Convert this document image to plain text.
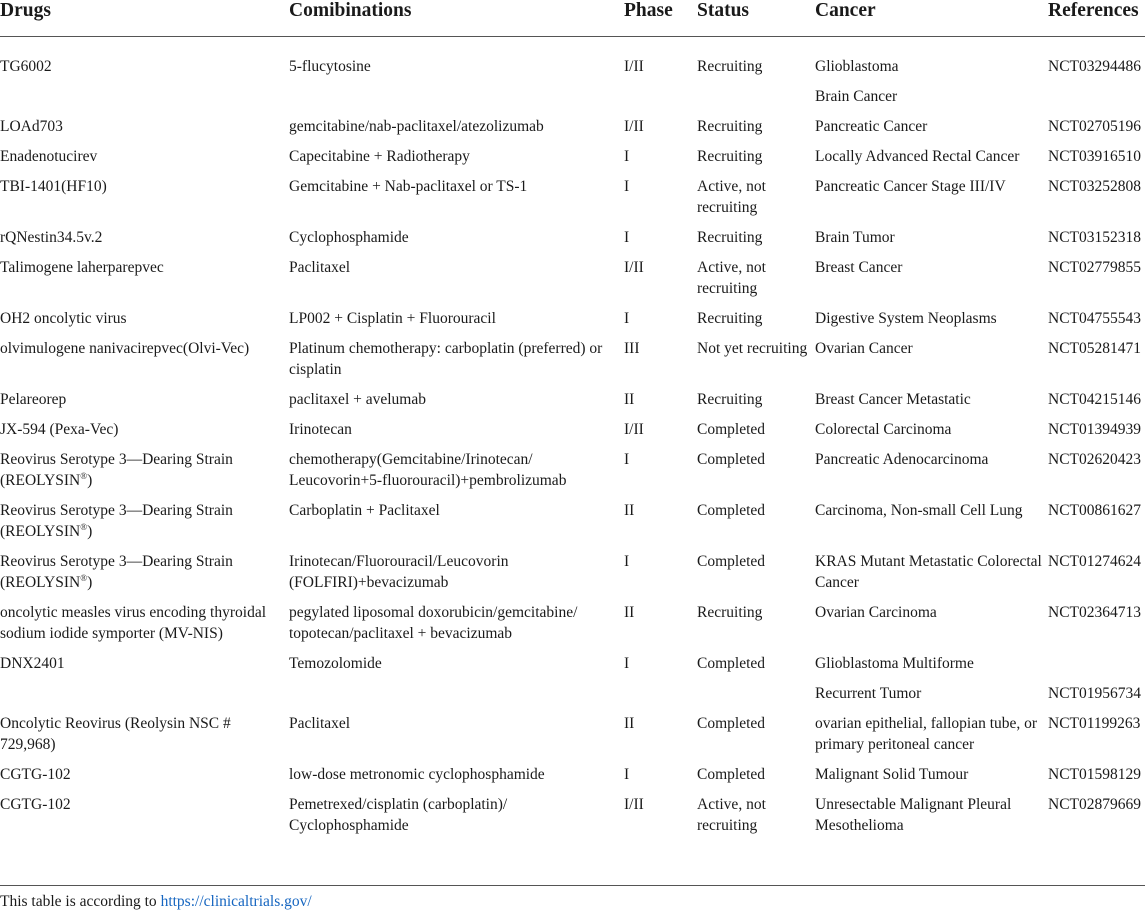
Drugs	Comibinations	Phase	Status	Cancer	References
TG6002	5-flucytosine	I/II	Recruiting	Glioblastoma	NCT03294486
				Brain Cancer	
LOAd703	gemcitabine/nab-paclitaxel/atezolizumab	I/II	Recruiting	Pancreatic Cancer	NCT02705196
Enadenotucirev	Capecitabine + Radiotherapy	I	Recruiting	Locally Advanced Rectal Cancer	NCT03916510
TBI-1401(HF10)	Gemcitabine + Nab-paclitaxel or TS-1	I	Active, not recruiting	Pancreatic Cancer Stage III/IV	NCT03252808
rQNestin34.5v.2	Cyclophosphamide	I	Recruiting	Brain Tumor	NCT03152318
Talimogene laherparepvec	Paclitaxel	I/II	Active, not recruiting	Breast Cancer	NCT02779855
OH2 oncolytic virus	LP002 + Cisplatin + Fluorouracil	I	Recruiting	Digestive System Neoplasms	NCT04755543
olvimulogene nanivacirepvec(Olvi-Vec)	Platinum chemotherapy: carboplatin (preferred) or cisplatin	III	Not yet recruiting	Ovarian Cancer	NCT05281471
Pelareorep	paclitaxel + avelumab	II	Recruiting	Breast Cancer Metastatic	NCT04215146
JX-594 (Pexa-Vec)	Irinotecan	I/II	Completed	Colorectal Carcinoma	NCT01394939
Reovirus Serotype 3—Dearing Strain (REOLYSIN®)	chemotherapy(Gemcitabine/Irinotecan/ Leucovorin+5-fluorouracil)+pembrolizumab	I	Completed	Pancreatic Adenocarcinoma	NCT02620423
Reovirus Serotype 3—Dearing Strain (REOLYSIN®)	Carboplatin + Paclitaxel	II	Completed	Carcinoma, Non-small Cell Lung	NCT00861627
Reovirus Serotype 3—Dearing Strain (REOLYSIN®)	Irinotecan/Fluorouracil/Leucovorin (FOLFIRI)+bevacizumab	I	Completed	KRAS Mutant Metastatic Colorectal Cancer	NCT01274624
oncolytic measles virus encoding thyroidal sodium iodide symporter (MV-NIS)	pegylated liposomal doxorubicin/gemcitabine/ topotecan/paclitaxel + bevacizumab	II	Recruiting	Ovarian Carcinoma	NCT02364713
DNX2401	Temozolomide	I	Completed	Glioblastoma Multiforme	
				Recurrent Tumor	NCT01956734
Oncolytic Reovirus (Reolysin NSC # 729,968)	Paclitaxel	II	Completed	ovarian epithelial, fallopian tube, or primary peritoneal cancer	NCT01199263
CGTG-102	low-dose metronomic cyclophosphamide	I	Completed	Malignant Solid Tumour	NCT01598129
CGTG-102	Pemetrexed/cisplatin (carboplatin)/ Cyclophosphamide	I/II	Active, not recruiting	Unresectable Malignant Pleural Mesothelioma	NCT02879669
This table is according to https://clinicaltrials.gov/
